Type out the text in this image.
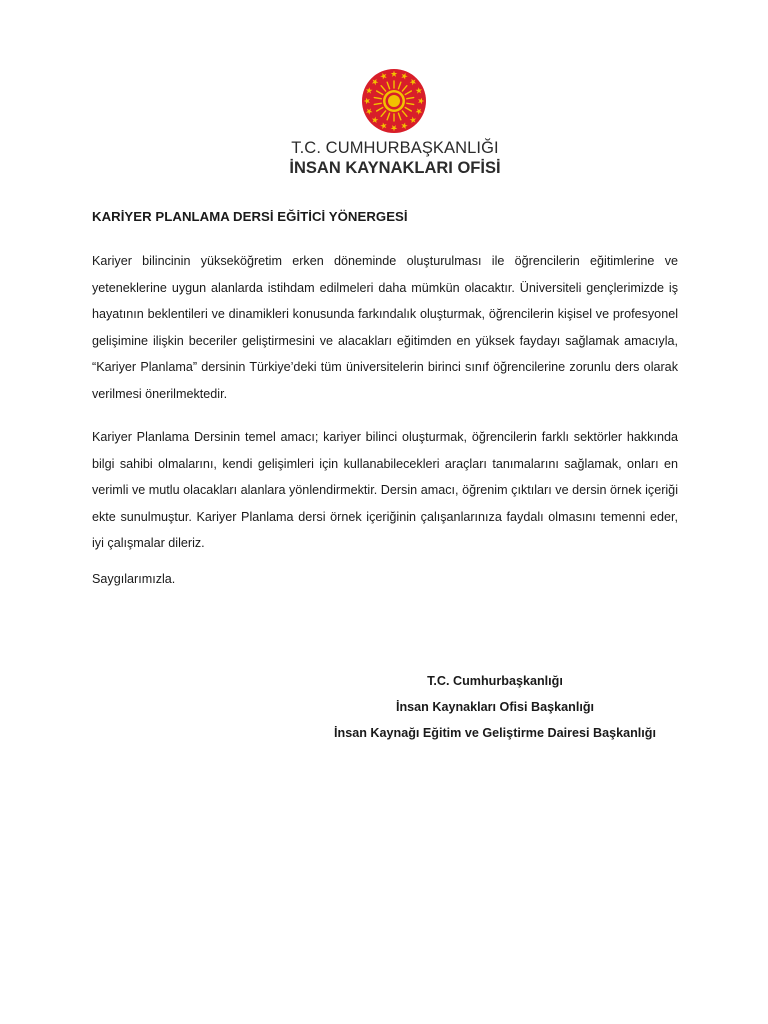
T.C. CUMHURBAŞKANLIĞI
İNSAN KAYNAKLARI OFİSİ
KARİYER PLANLAMA DERSİ EĞİTİCİ YÖNERGESİ
Kariyer bilincinin yükseköğretim erken döneminde oluşturulması ile öğrencilerin eğitimlerine ve yeteneklerine uygun alanlarda istihdam edilmeleri daha mümkün olacaktır. Üniversiteli gençlerimizde iş hayatının beklentileri ve dinamikleri konusunda farkındalık oluşturmak, öğrencilerin kişisel ve profesyonel gelişimine ilişkin beceriler geliştirmesini ve alacakları eğitimden en yüksek faydayı sağlamak amacıyla, “Kariyer Planlama” dersinin Türkiye’deki tüm üniversitelerin birinci sınıf öğrencilerine zorunlu ders olarak verilmesi önerilmektedir.
Kariyer Planlama Dersinin temel amacı; kariyer bilinci oluşturmak, öğrencilerin farklı sektörler hakkında bilgi sahibi olmalarını, kendi gelişimleri için kullanabilecekleri araçları tanımalarını sağlamak, onları en verimli ve mutlu olacakları alanlara yönlendirmektir. Dersin amacı, öğrenim çıktıları ve dersin örnek içeriği ekte sunulmuştur. Kariyer Planlama dersi örnek içeriğinin çalışanlarınıza faydalı olmasını temenni eder, iyi çalışmalar dileriz.
Saygılarımızla.
T.C. Cumhurbaşkanlığı
İnsan Kaynakları Ofisi Başkanlığı
İnsan Kaynağı Eğitim ve Geliştirme Dairesi Başkanlığı
